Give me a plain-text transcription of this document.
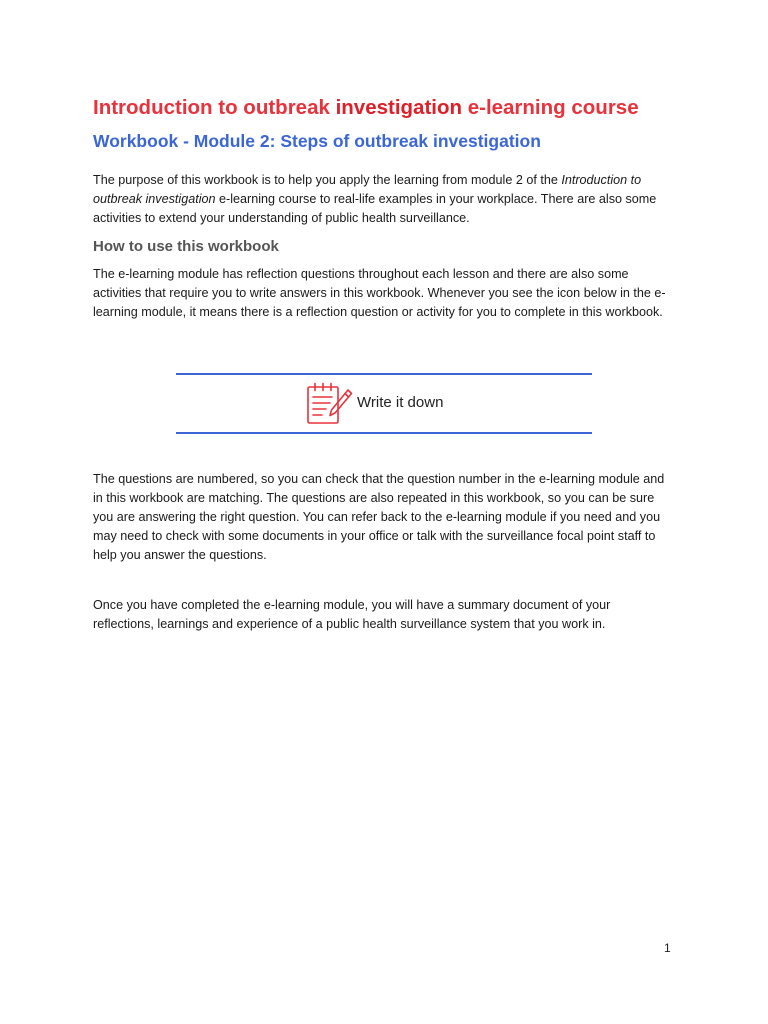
Introduction to outbreak investigation e-learning course
Workbook - Module 2: Steps of outbreak investigation

The purpose of this workbook is to help you apply the learning from module 2 of the Introduction to outbreak investigation e-learning course to real-life examples in your workplace. There are also some activities to extend your understanding of public health surveillance.

How to use this workbook

The e-learning module has reflection questions throughout each lesson and there are also some activities that require you to write answers in this workbook. Whenever you see the icon below in the e-learning module, it means there is a reflection question or activity for you to complete in this workbook.

Write it down

The questions are numbered, so you can check that the question number in the e-learning module and in this workbook are matching. The questions are also repeated in this workbook, so you can be sure you are answering the right question. You can refer back to the e-learning module if you need and you may need to check with some documents in your office or talk with the surveillance focal point staff to help you answer the questions.

Once you have completed the e-learning module, you will have a summary document of your reflections, learnings and experience of a public health surveillance system that you work in.

1
